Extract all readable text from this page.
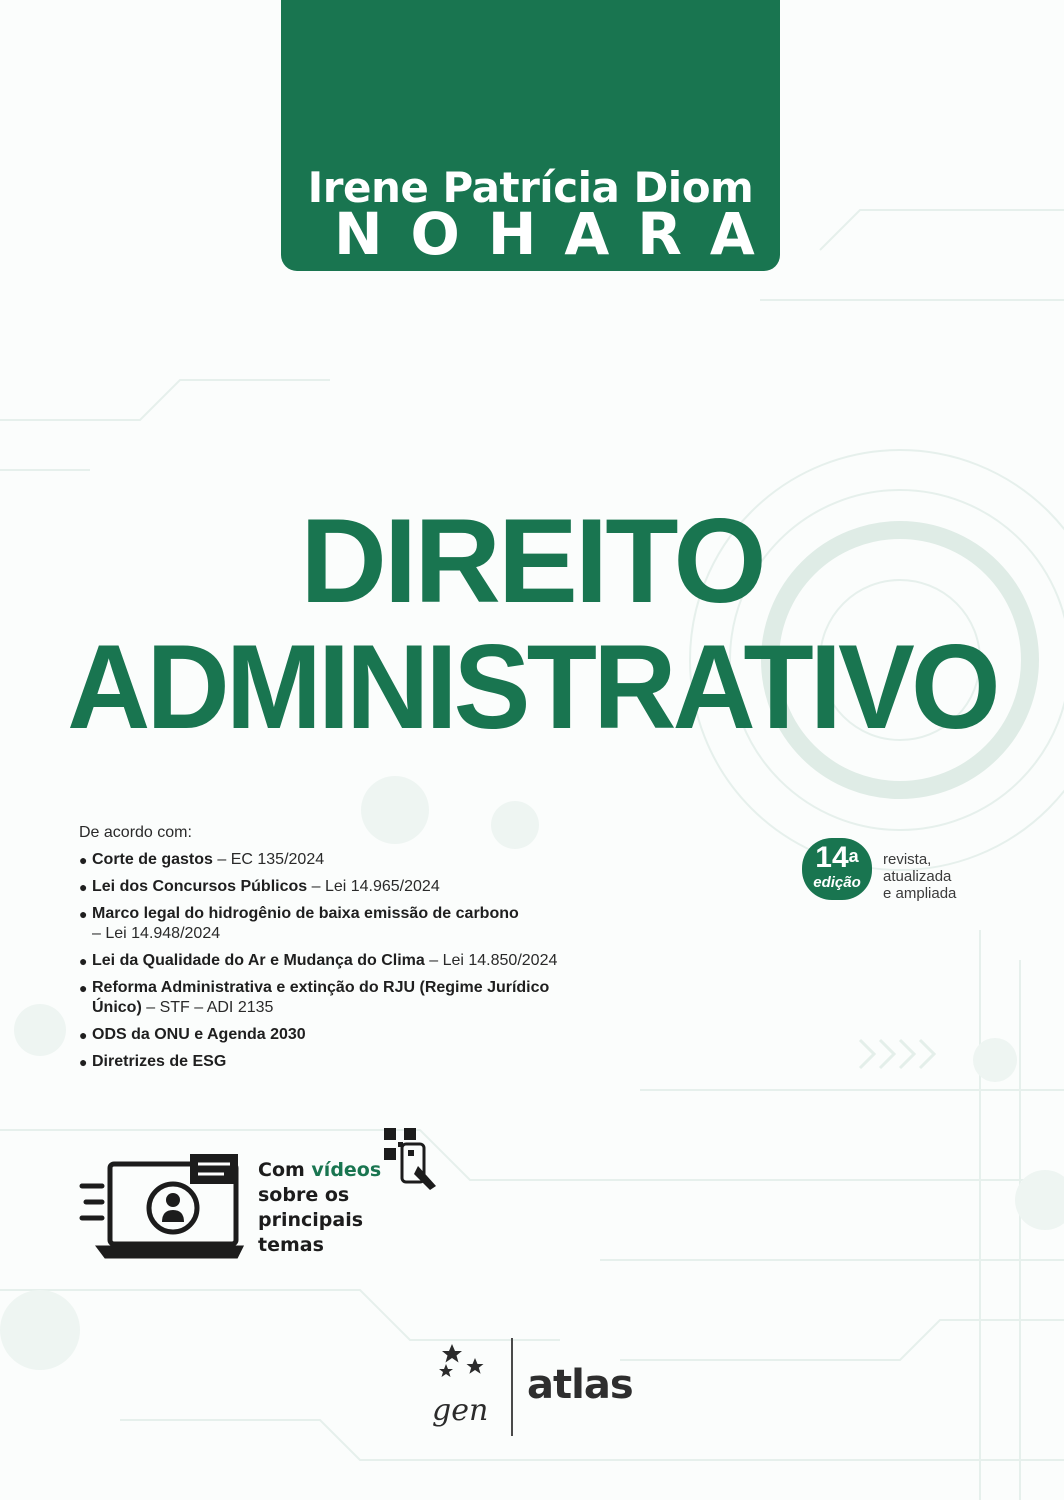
Irene Patrícia Diom
NOHARA
DIREITO
ADMINISTRATIVO
De acordo com:
● Corte de gastos – EC 135/2024
● Lei dos Concursos Públicos – Lei 14.965/2024
● Marco legal do hidrogênio de baixa emissão de carbono
– Lei 14.948/2024
● Lei da Qualidade do Ar e Mudança do Clima – Lei 14.850/2024
● Reforma Administrativa e extinção do RJU (Regime Jurídico Único) – STF – ADI 2135
● ODS da ONU e Agenda 2030
● Diretrizes de ESG
14$^a$
edição
revista,
atualizada
e ampliada
Com vídeos
sobre os
principais
temas
gen
atlas
